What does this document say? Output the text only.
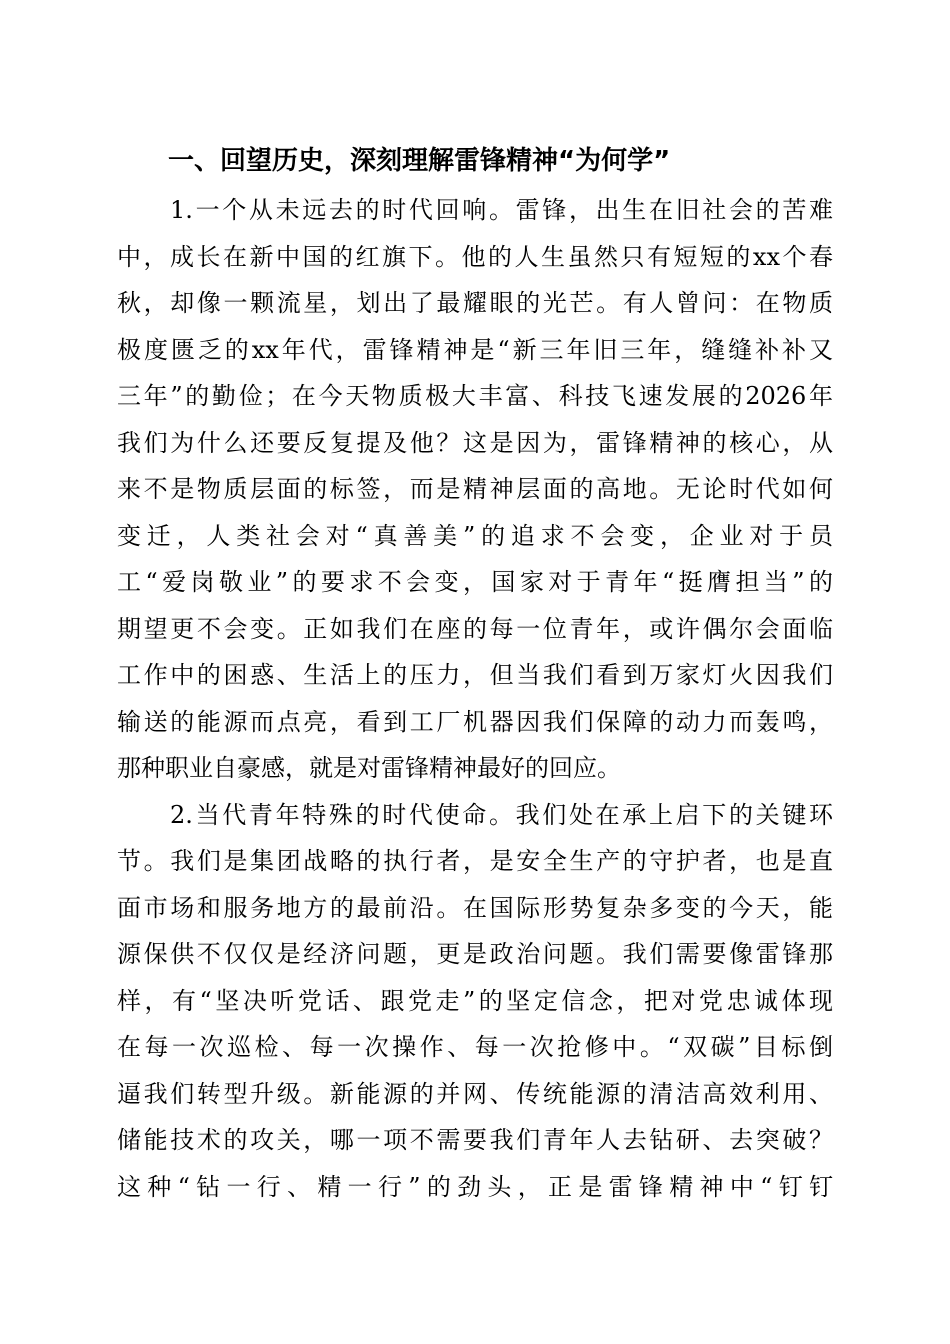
一、回望历史，深刻理解雷锋精神“为何学”
1.一个从未远去的时代回响。雷锋，出生在旧社会的苦难
中，成长在新中国的红旗下。他的人生虽然只有短短的xx个春
秋，却像一颗流星，划出了最耀眼的光芒。有人曾问：在物质
极度匮乏的xx年代，雷锋精神是“新三年旧三年，缝缝补补又
三年”的勤俭；在今天物质极大丰富、科技飞速发展的2026年
我们为什么还要反复提及他？这是因为，雷锋精神的核心，从
来不是物质层面的标签，而是精神层面的高地。无论时代如何
变迁，人类社会对“真善美”的追求不会变，企业对于员
工“爱岗敬业”的要求不会变，国家对于青年“挺膺担当”的
期望更不会变。正如我们在座的每一位青年，或许偶尔会面临
工作中的困惑、生活上的压力，但当我们看到万家灯火因我们
输送的能源而点亮，看到工厂机器因我们保障的动力而轰鸣，
那种职业自豪感，就是对雷锋精神最好的回应。
2.当代青年特殊的时代使命。我们处在承上启下的关键环
节。我们是集团战略的执行者，是安全生产的守护者，也是直
面市场和服务地方的最前沿。在国际形势复杂多变的今天，能
源保供不仅仅是经济问题，更是政治问题。我们需要像雷锋那
样，有“坚决听党话、跟党走”的坚定信念，把对党忠诚体现
在每一次巡检、每一次操作、每一次抢修中。“双碳”目标倒
逼我们转型升级。新能源的并网、传统能源的清洁高效利用、
储能技术的攻关，哪一项不需要我们青年人去钻研、去突破？
这种“钻一行、精一行”的劲头，正是雷锋精神中“钉钉
